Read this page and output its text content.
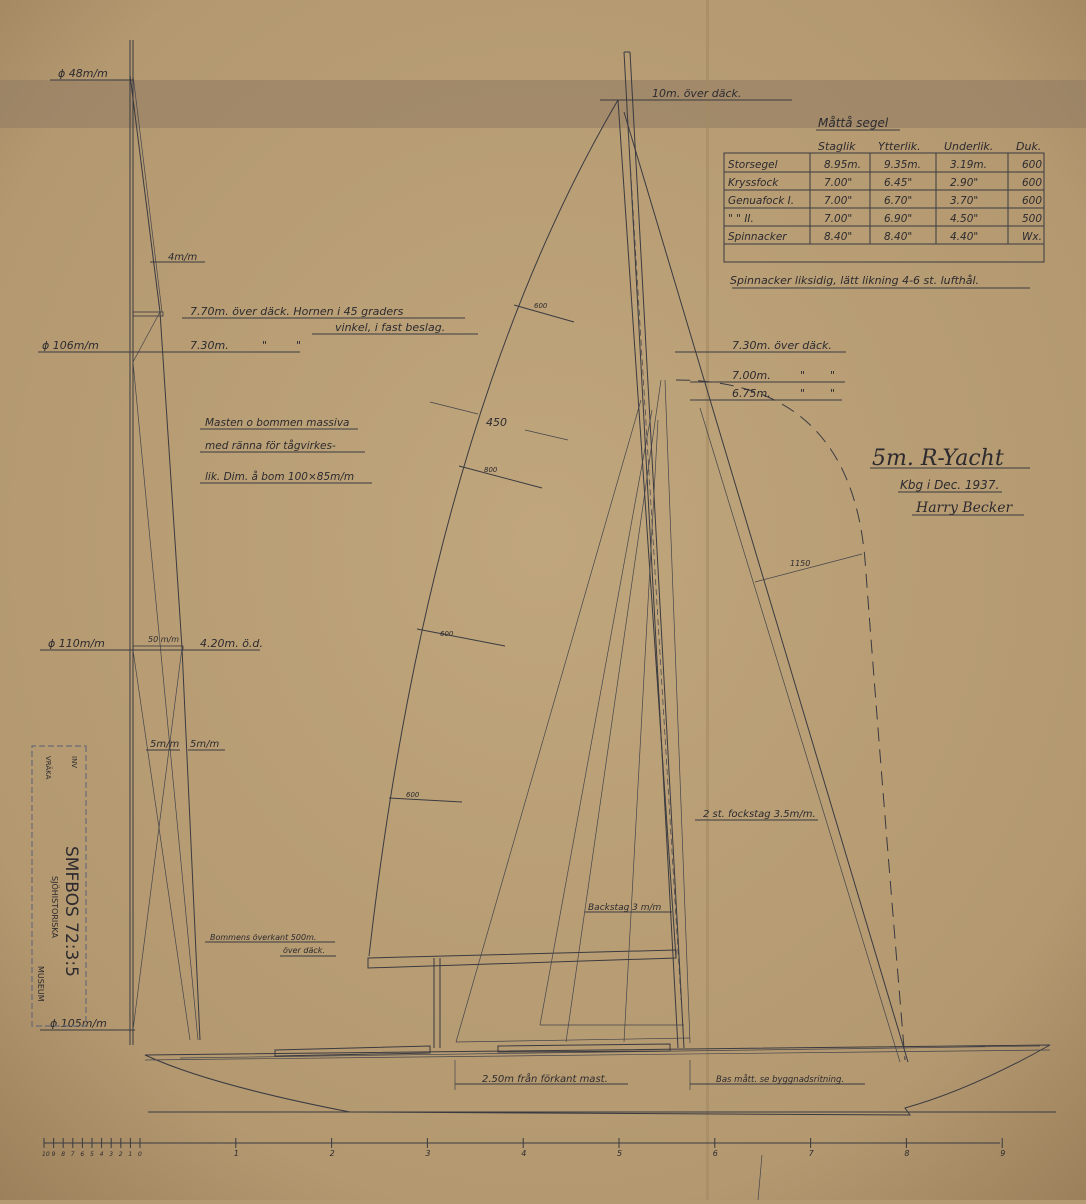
ϕ 48m/m
ϕ 106m/m
ϕ 110m/m
ϕ 105m/m
4m/m
50 m/m
5m/m 5m/m
7.70m. över däck. Hornen i 45 graders
vinkel, i fast beslag.
7.30m.	"	"
4.20m. ö.d.
Masten o bommen massiva
med ränna för tågvirkes-
lik. Dim. å bom 100×85m/m
Bommens överkant 500m.
över däck.
SMFBOS 72:3:5
SJÖHISTORISKA
MUSEUM
INV
VRÄKA
10m. över däck.
600
800
600
600
450
7.30m. över däck.
7.00m.
6.75m.
" "
" "
1150
2 st. fockstag 3.5m/m.
Backstag 3 m/m
2.50m från förkant mast.	Bas mått. se byggnadsritning.
Måttå segel
Staglik Ytterlik. Underlik. Duk.
Storsegel	8.95m. 9.35m.	3.19m.	600
Kryssfock	7.00"	6.45"	2.90"	600
Genuafock I.	7.00"	6.70"	3.70"	600
" " II.	7.00"	6.90"	4.50"	500
Spinnacker	8.40"	8.40"	4.40"	Wx.
Spinnacker liksidig, lätt likning 4-6 st. lufthål.
5m. R-Yacht
Kbg i Dec. 1937.
Harry Becker
10 9 8 7 6 5 4 3 2 1 0	1	2	3	4	5	6	7	8	9
